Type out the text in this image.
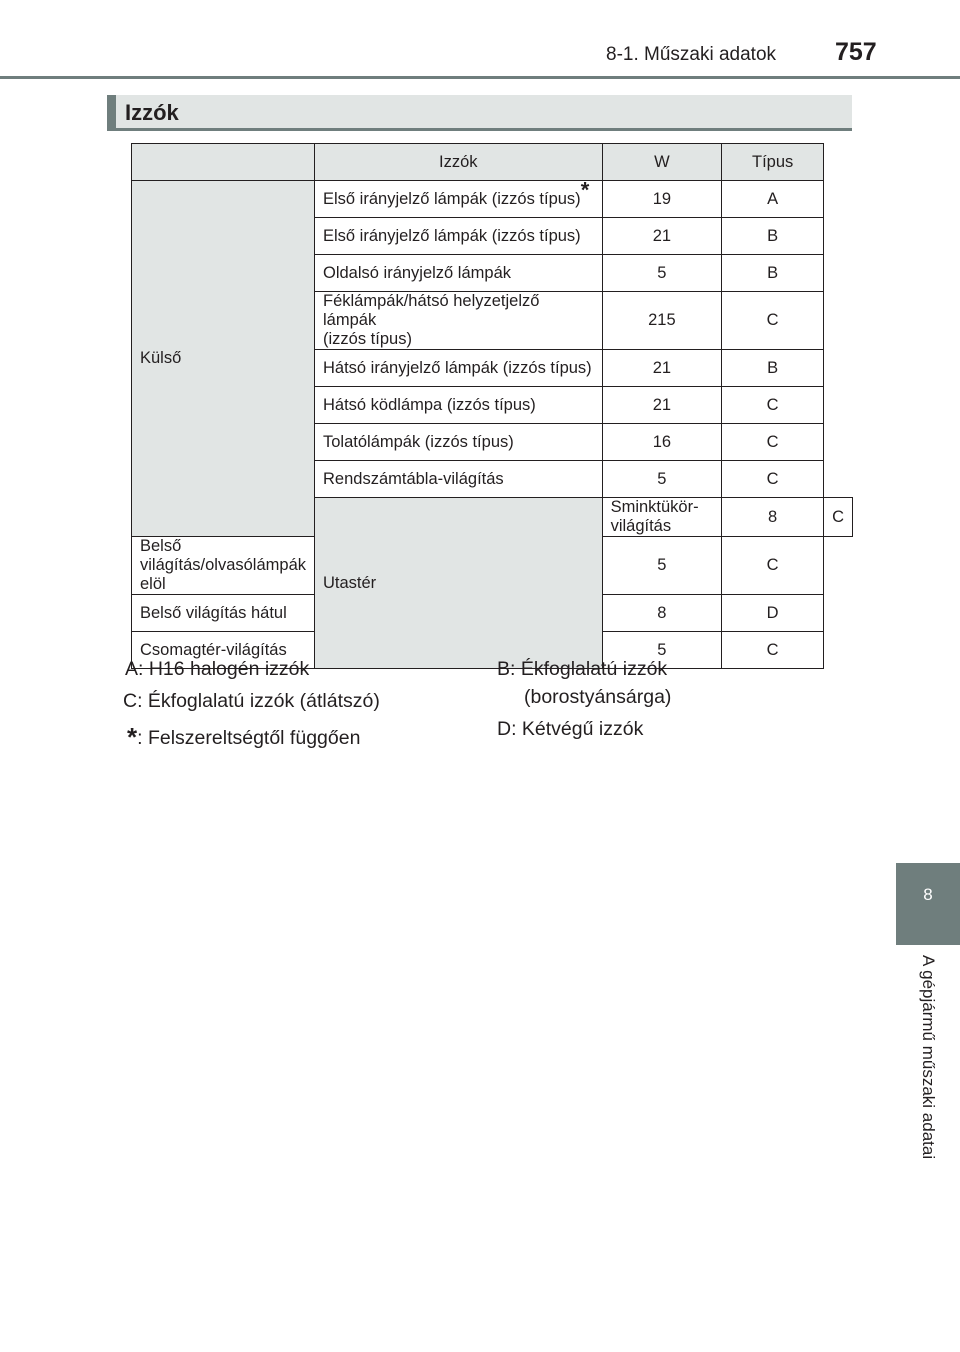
8-1. Műszaki adatok 757
Izzók
	Izzók	W	Típus	
Külső	Első irányjelző lámpák (izzós típus)*	19	A	
	Első irányjelző lámpák (izzós típus)	21	B	
	Oldalsó irányjelző lámpák	5	B	
	Féklámpák/hátsó helyzetjelző lámpák
(izzós típus)	215	C	
	Hátsó irányjelző lámpák (izzós típus)	21	B	
	Hátsó ködlámpa (izzós típus)	21	C	
	Tolatólámpák (izzós típus)	16	C	
	Rendszámtábla-világítás	5	C	
	Utastér	Sminktükör-világítás	8	C
Belső világítás/olvasólámpák elöl		5	C	
Belső világítás hátul		8	D	
Csomagtér-világítás		5	C	
A: H16 halogén izzók
C: Ékfoglalatú izzók (átlátszó)
*: Felszereltségtől függően
B: Ékfoglalatú izzók
(borostyánsárga)
D: Kétvégű izzók
8
A gépjármű műszaki adatai
